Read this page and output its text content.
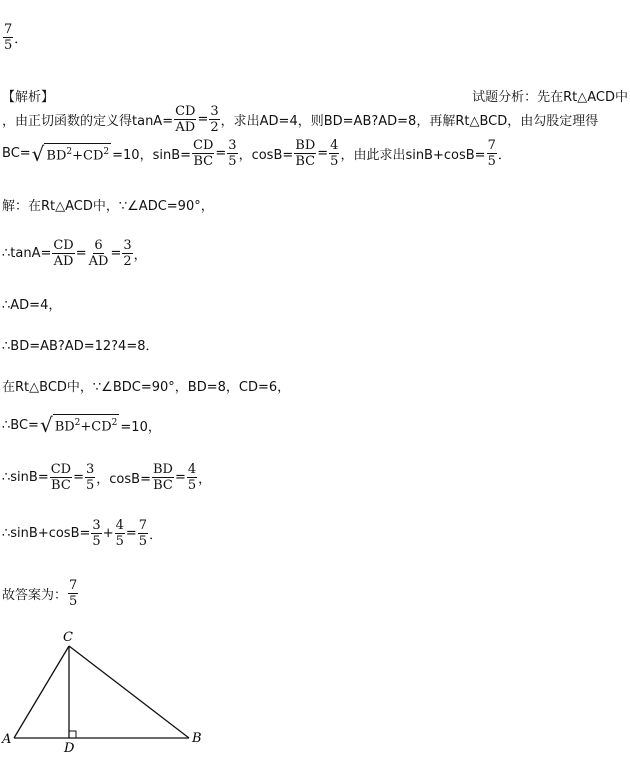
$\frac{7}{5}$ ．
【解析】	试题分析：先在Rt△ACD中
，由正切函数的定义得$\tan A= \frac{CD}{AD} = \frac{3}{2}$ ，求出AD=4，则BD=AB?AD=8，再解Rt△BCD，由勾股定理得
BC= √ $BD^2+CD^2 =10$，$\sin B= \frac{CD}{BC} = \frac{3}{5}$ ，$\cos B= \frac{BD}{BC} = \frac{4}{5}$ ，由此求出$\sin B+\cos B= \frac{7}{5}$ ．
解：在Rt△ACD中，∵∠ADC=90°，
∴tanA= $\frac{CD}{AD} = \frac{6}{AD} = \frac{3}{2}$ ，
∴AD=4，
∴BD=AB?AD=12?4=8．
在Rt△BCD中，∵∠BDC=90°，BD=8，CD=6，
∴BC= √ $BD^2+CD^2 =10$，
∴sinB= $\frac{CD}{BC} = \frac{3}{5}$ ，$\cos B= \frac{BD}{BC} = \frac{4}{5}$ ，
∴sinB+cosB= $\frac{3}{5} + \frac{4}{5} = \frac{7}{5}$ ．
故答案为： $\frac{7}{5}$
C
A	B
D
